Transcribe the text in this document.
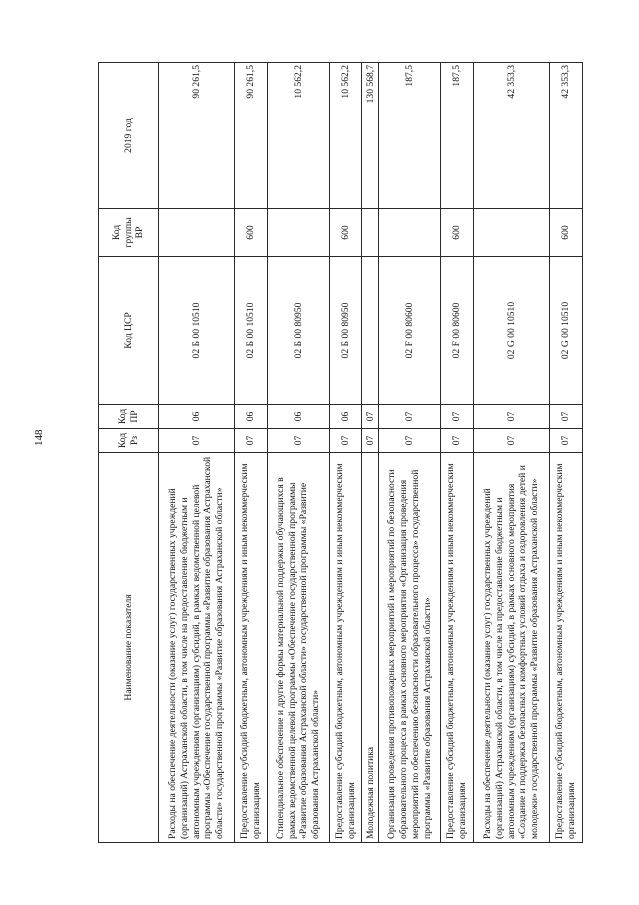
148
Наименование показателя	Код Рз	Код ПР	Код ЦСР	Код группы ВР	2019 год
Расходы на обеспечение деятельности (оказание услуг) государственных учреждений (организаций) Астраханской области, в том числе на предоставление бюджетным и автономным учреждениям (организациям) субсидий, в рамках ведомственной целевой программы «Обеспечение государственной программы «Развитие образования Астраханской области» государственной программы «Развитие образования Астраханской области»	07	06	02 Б 00 10510		90 261,5
Предоставление субсидий бюджетным, автономным учреждениям и иным некоммерческим организациям	07	06	02 Б 00 10510	600	90 261,5
Стипендиальное обеспечение и другие формы материальной поддержки обучающихся в рамках ведомственной целевой программы «Обеспечение государственной программы «Развитие образования Астраханской области» государственной программы «Развитие образования Астраханской области»	07	06	02 Б 00 80950		10 562,2
Предоставление субсидий бюджетным, автономным учреждениям и иным некоммерческим организациям	07	06	02 Б 00 80950	600	10 562,2
Молодежная политика	07	07			130 568,7
Организация проведения противопожарных мероприятий и мероприятий по безопасности образовательного процесса в рамках основного мероприятия «Организация проведения мероприятий по обеспечению безопасности образовательного процесса» государственной программы «Развитие образования Астраханской области»	07	07	02 F 00 80600		187,5
Предоставление субсидий бюджетным, автономным учреждениям и иным некоммерческим организациям	07	07	02 F 00 80600	600	187,5
Расходы на обеспечение деятельности (оказание услуг) государственных учреждений (организаций) Астраханской области, в том числе на предоставление бюджетным и автономным учреждениям (организациям) субсидий, в рамках основного мероприятия «Создание и поддержка безопасных и комфортных условий отдыха и оздоровления детей и молодежи» государственной программы «Развитие образования Астраханской области»	07	07	02 G 00 10510		42 353,3
Предоставление субсидий бюджетным, автономным учреждениям и иным некоммерческим организациям	07	07	02 G 00 10510	600	42 353,3
